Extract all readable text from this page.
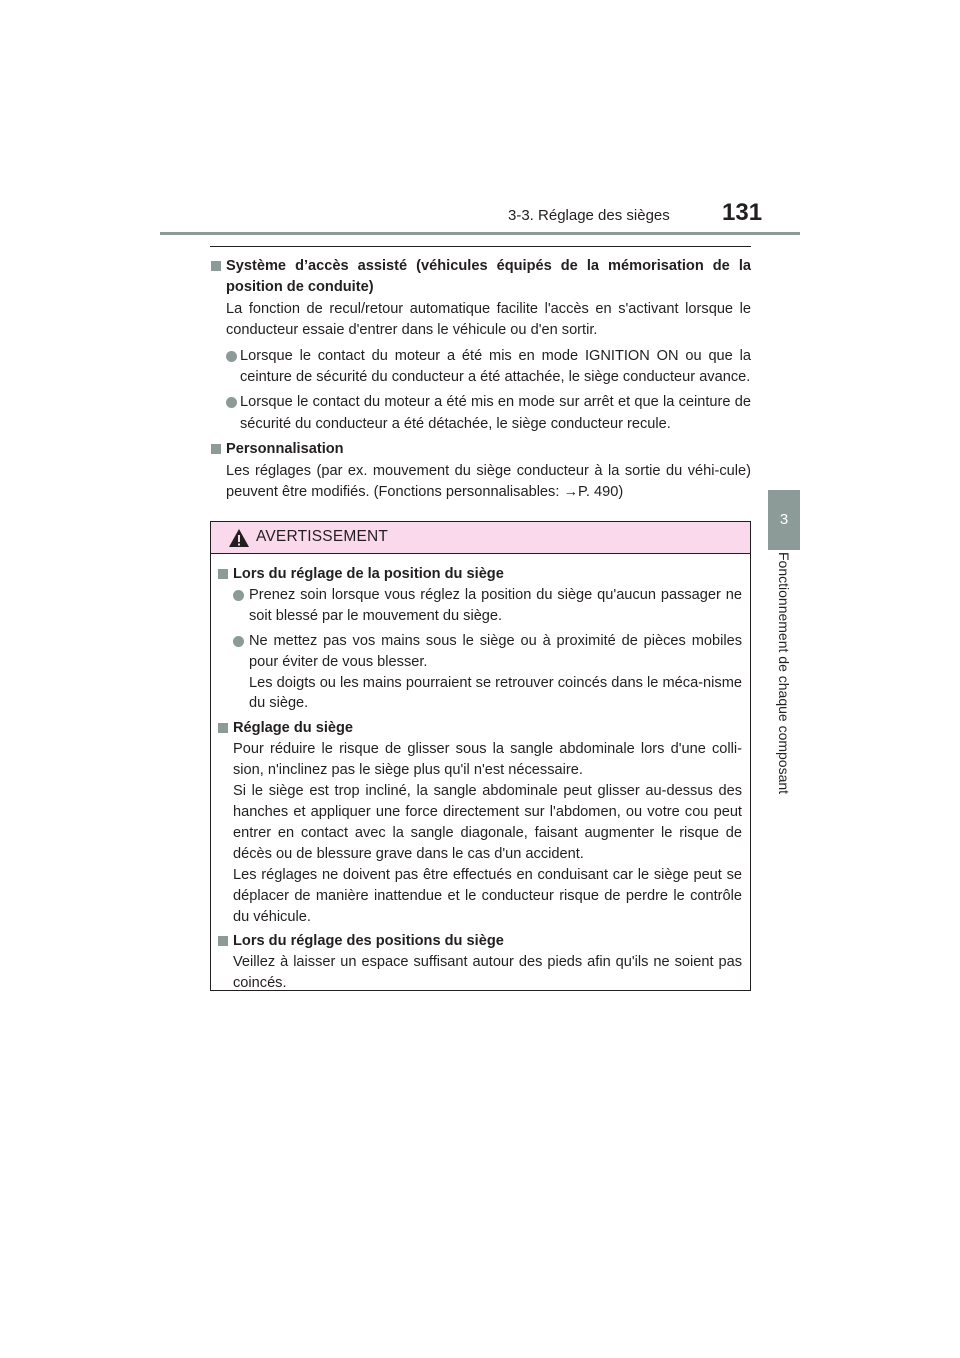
3-3. Réglage des sièges 131
3
Fonctionnement de chaque composant
Système d’accès assisté (véhicules équipés de la mémorisation de la position de conduite)
La fonction de recul/retour automatique facilite l'accès en s'activant lorsque le conducteur essaie d'entrer dans le véhicule ou d'en sortir.
Lorsque le contact du moteur a été mis en mode IGNITION ON ou que la ceinture de sécurité du conducteur a été attachée, le siège conducteur avance.
Lorsque le contact du moteur a été mis en mode sur arrêt et que la ceinture de sécurité du conducteur a été détachée, le siège conducteur recule.
Personnalisation
Les réglages (par ex. mouvement du siège conducteur à la sortie du véhi-cule) peuvent être modifiés. (Fonctions personnalisables: →P. 490)
AVERTISSEMENT
Lors du réglage de la position du siège
Prenez soin lorsque vous réglez la position du siège qu'aucun passager ne soit blessé par le mouvement du siège.
Ne mettez pas vos mains sous le siège ou à proximité de pièces mobiles pour éviter de vous blesser.
Les doigts ou les mains pourraient se retrouver coincés dans le méca-nisme du siège.
Réglage du siège
Pour réduire le risque de glisser sous la sangle abdominale lors d'une colli-sion, n'inclinez pas le siège plus qu'il n'est nécessaire.
Si le siège est trop incliné, la sangle abdominale peut glisser au-dessus des hanches et appliquer une force directement sur l'abdomen, ou votre cou peut entrer en contact avec la sangle diagonale, faisant augmenter le risque de décès ou de blessure grave dans le cas d'un accident.
Les réglages ne doivent pas être effectués en conduisant car le siège peut se déplacer de manière inattendue et le conducteur risque de perdre le contrôle du véhicule.
Lors du réglage des positions du siège
Veillez à laisser un espace suffisant autour des pieds afin qu'ils ne soient pas coincés.
